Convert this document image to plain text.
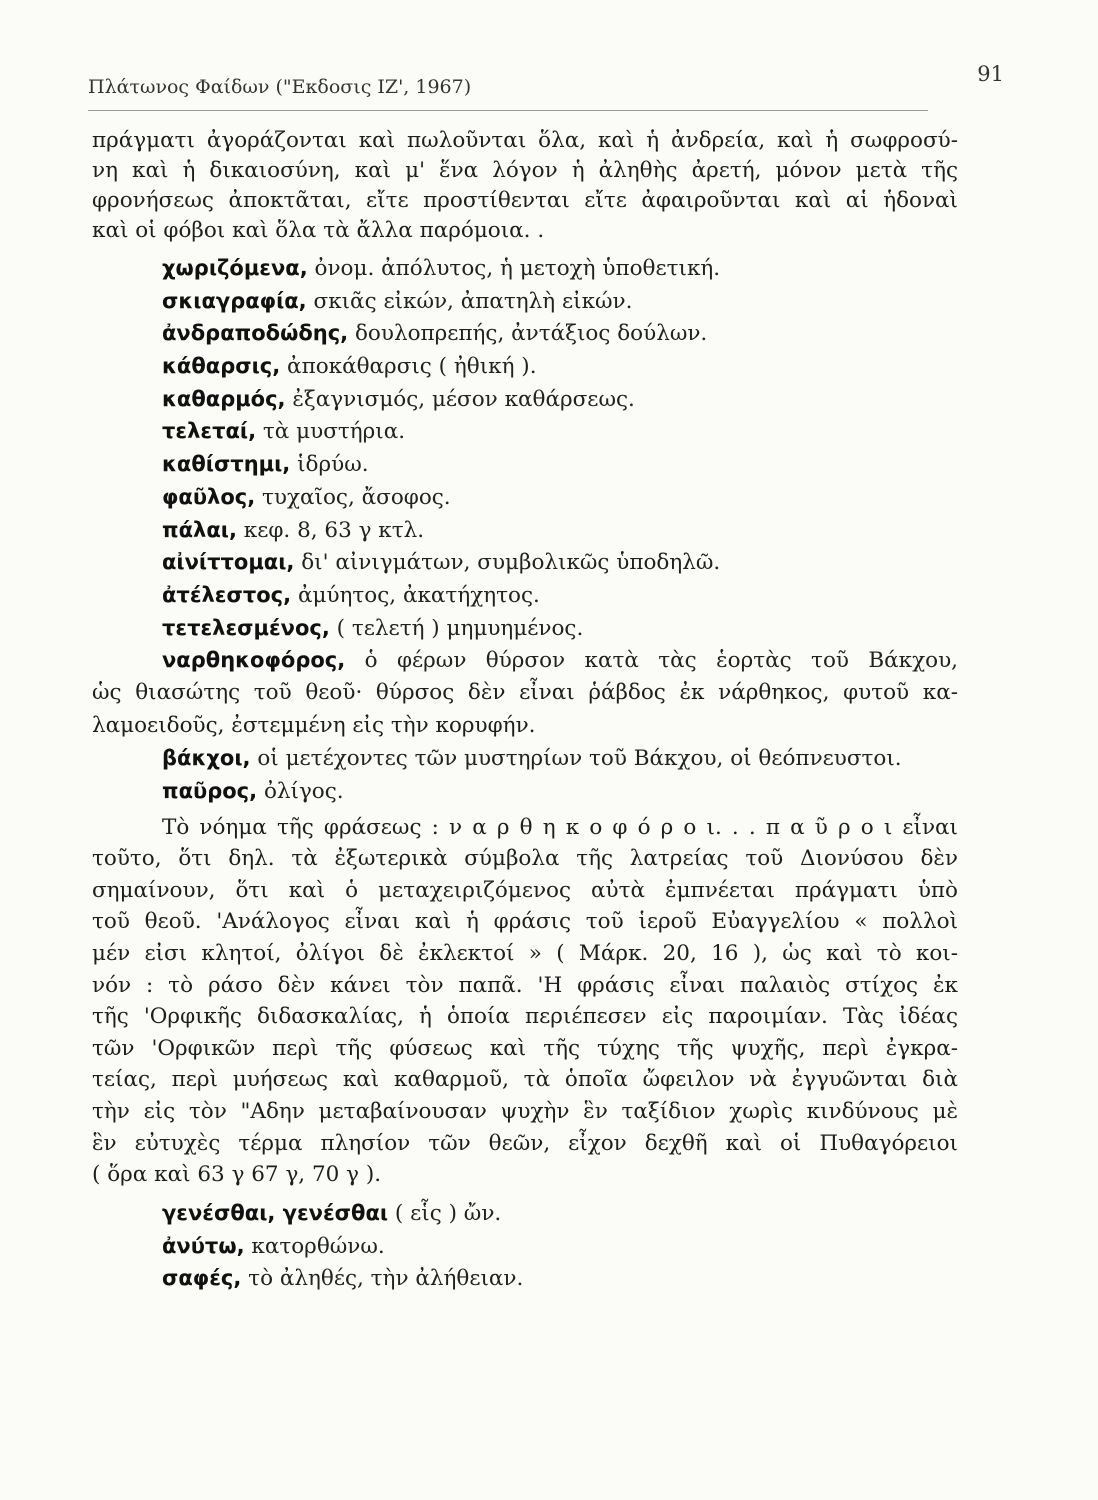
Πλάτωνος Φαίδων ("Εκδοσις ΙΖ', 1967)
91
πράγματι ἀγοράζονται καὶ πωλοῦνται ὅλα, καὶ ἡ ἀνδρεία, καὶ ἡ σωφροσύ-
νη καὶ ἡ δικαιοσύνη, καὶ μ' ἕνα λόγον ἡ ἀληθὴς ἀρετή, μόνον μετὰ τῆς
φρονήσεως ἀποκτᾶται, εἴτε προστίθενται εἴτε ἀφαιροῦνται καὶ αἱ ἡδοναὶ
καὶ οἱ φόβοι καὶ ὅλα τὰ ἄλλα παρόμοια. .
χωριζόμενα, ὀνομ. ἀπόλυτος, ἡ μετοχὴ ὑποθετική.
σκιαγραφία, σκιᾶς εἰκών, ἀπατηλὴ εἰκών.
ἀνδραποδώδης, δουλοπρεπής, ἀντάξιος δούλων.
κάθαρσις, ἀποκάθαρσις ( ἠθική ).
καθαρμός, ἐξαγνισμός, μέσον καθάρσεως.
τελεταί, τὰ μυστήρια.
καθίστημι, ἱδρύω.
φαῦλος, τυχαῖος, ἄσοφος.
πάλαι, κεφ. 8, 63 γ κτλ.
αἰνίττομαι, δι' αἰνιγμάτων, συμβολικῶς ὑποδηλῶ.
ἀτέλεστος, ἀμύητος, ἀκατήχητος.
τετελεσμένος, ( τελετή ) μημυημένος.
ναρθηκοφόρος, ὁ φέρων θύρσον κατὰ τὰς ἑορτὰς τοῦ Βάκχου,
ὡς θιασώτης τοῦ θεοῦ· θύρσος δὲν εἶναι ῥάβδος ἐκ νάρθηκος, φυτοῦ κα-
λαμοειδοῦς, ἐστεμμένη εἰς τὴν κορυφήν.
βάκχοι, οἱ μετέχοντες τῶν μυστηρίων τοῦ Βάκχου, οἱ θεόπνευστοι.
παῦρος, ὀλίγος.
Τὸ νόημα τῆς φράσεως : ν α ρ θ η κ ο φ ό ρ ο ι. . . π α ῦ ρ ο ι εἶναι
τοῦτο, ὅτι δηλ. τὰ ἐξωτερικὰ σύμβολα τῆς λατρείας τοῦ Διονύσου δὲν
σημαίνουν, ὅτι καὶ ὁ μεταχειριζόμενος αὐτὰ ἐμπνέεται πράγματι ὑπὸ
τοῦ θεοῦ. 'Ανάλογος εἶναι καὶ ἡ φράσις τοῦ ἱεροῦ Εὐαγγελίου « πολλοὶ
μέν εἰσι κλητοί, ὀλίγοι δὲ ἐκλεκτοί » ( Μάρκ. 20, 16 ), ὡς καὶ τὸ κοι-
νόν : τὸ ράσο δὲν κάνει τὸν παπᾶ. 'Η φράσις εἶναι παλαιὸς στίχος ἐκ
τῆς 'Ορφικῆς διδασκαλίας, ἡ ὁποία περιέπεσεν εἰς παροιμίαν. Τὰς ἰδέας
τῶν 'Ορφικῶν περὶ τῆς φύσεως καὶ τῆς τύχης τῆς ψυχῆς, περὶ ἐγκρα-
τείας, περὶ μυήσεως καὶ καθαρμοῦ, τὰ ὁποῖα ὤφειλον νὰ ἐγγυῶνται διὰ
τὴν εἰς τὸν "Αδην μεταβαίνουσαν ψυχὴν ἓν ταξίδιον χωρὶς κινδύνους μὲ
ἓν εὐτυχὲς τέρμα πλησίον τῶν θεῶν, εἶχον δεχθῆ καὶ οἱ Πυθαγόρειοι
( ὅρα καὶ 63 γ 67 γ, 70 γ ).
γενέσθαι, γενέσθαι ( εἷς ) ὤν.
ἀνύτω, κατορθώνω.
σαφές, τὸ ἀληθές, τὴν ἀλήθειαν.
